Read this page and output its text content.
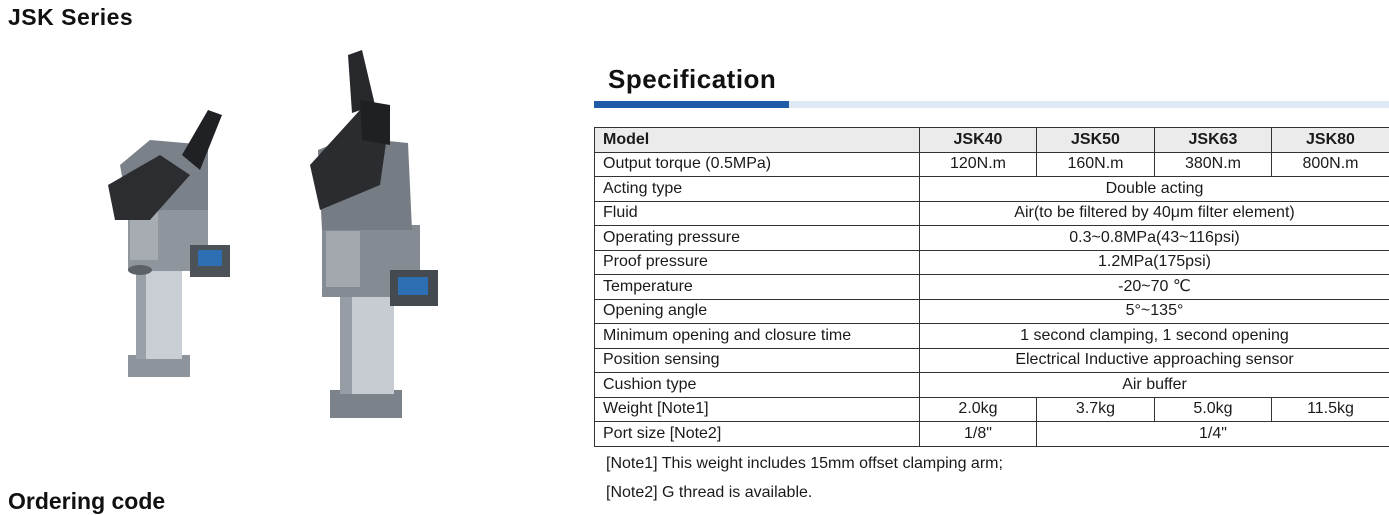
JSK Series
Ordering code
Specification
Model	JSK40	JSK50	JSK63	JSK80
Output torque (0.5MPa)	120N.m	160N.m	380N.m	800N.m
Acting type	Double acting			
Fluid	Air(to be filtered by 40μm filter element)			
Operating pressure	0.3~0.8MPa(43~116psi)			
Proof pressure	1.2MPa(175psi)			
Temperature	-20~70 ℃			
Opening angle	5°~135°			
Minimum opening and closure time	1 second clamping, 1 second opening			
Position sensing	Electrical Inductive approaching sensor			
Cushion type	Air buffer			
Weight [Note1]	2.0kg	3.7kg	5.0kg	11.5kg
Port size [Note2]	1/8"	1/4"		
[Note1] This weight includes 15mm offset clamping arm;
[Note2] G thread is available.
